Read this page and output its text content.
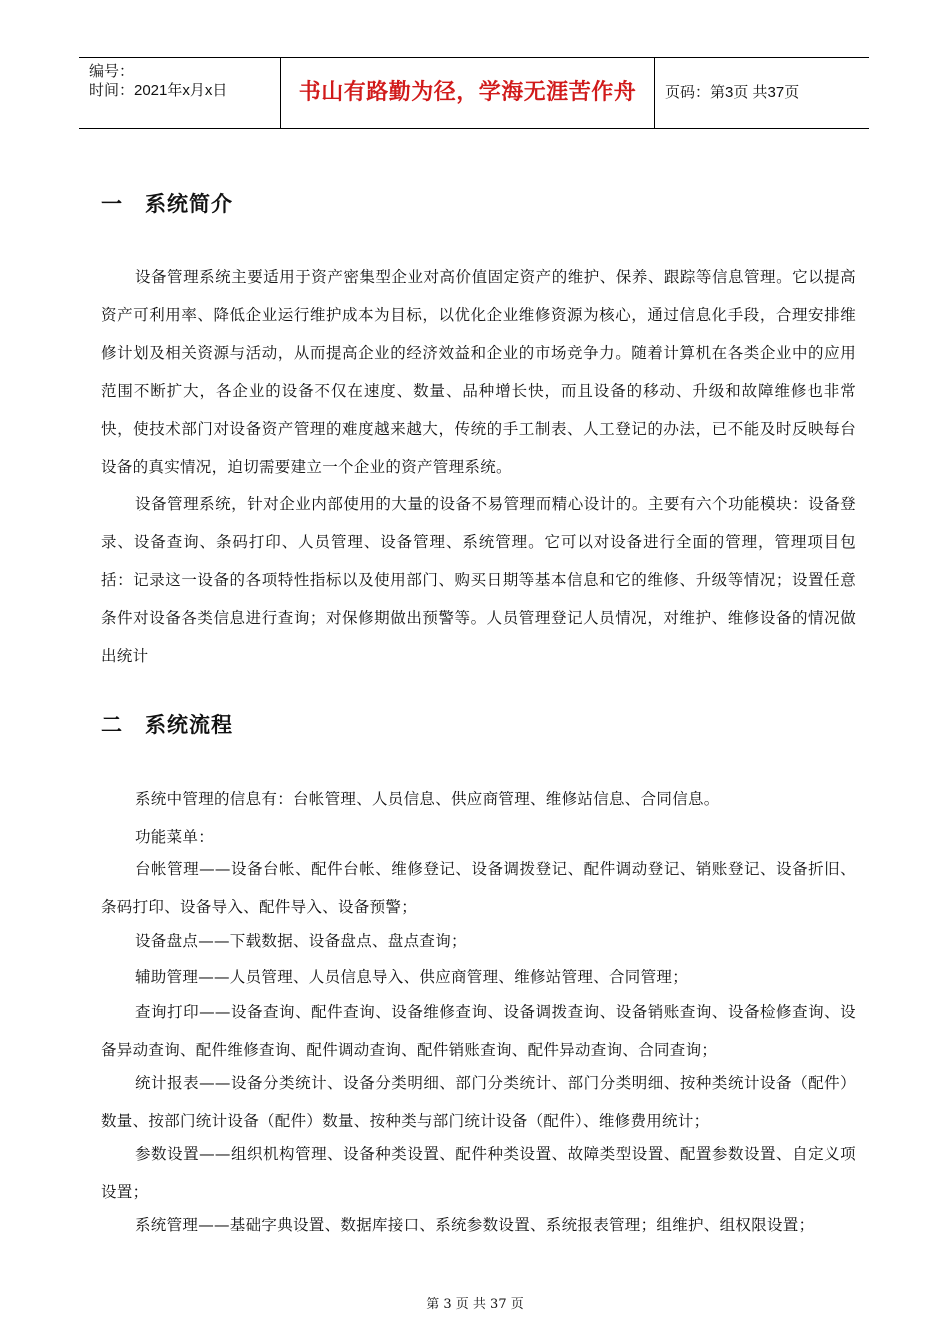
编号：
时间：2021年x月x日	书山有路勤为径，学海无涯苦作舟	页码：第3页 共37页
一 系统简介

设备管理系统主要适用于资产密集型企业对高价值固定资产的维护、保养、跟踪等信息管理。它以提高资产可利用率、降低企业运行维护成本为目标，以优化企业维修资源为核心，通过信息化手段，合理安排维修计划及相关资源与活动，从而提高企业的经济效益和企业的市场竞争力。随着计算机在各类企业中的应用范围不断扩大，各企业的设备不仅在速度、数量、品种增长快，而且设备的移动、升级和故障维修也非常快，使技术部门对设备资产管理的难度越来越大，传统的手工制表、人工登记的办法，已不能及时反映每台设备的真实情况，迫切需要建立一个企业的资产管理系统。

设备管理系统，针对企业内部使用的大量的设备不易管理而精心设计的。主要有六个功能模块：设备登录、设备查询、条码打印、人员管理、设备管理、系统管理。它可以对设备进行全面的管理，管理项目包括：记录这一设备的各项特性指标以及使用部门、购买日期等基本信息和它的维修、升级等情况；设置任意条件对设备各类信息进行查询；对保修期做出预警等。人员管理登记人员情况，对维护、维修设备的情况做出统计

二 系统流程

系统中管理的信息有：台帐管理、人员信息、供应商管理、维修站信息、合同信息。

功能菜单：

台帐管理——设备台帐、配件台帐、维修登记、设备调拨登记、配件调动登记、销账登记、设备折旧、条码打印、设备导入、配件导入、设备预警；

设备盘点——下载数据、设备盘点、盘点查询；

辅助管理——人员管理、人员信息导入、供应商管理、维修站管理、合同管理；

查询打印——设备查询、配件查询、设备维修查询、设备调拨查询、设备销账查询、设备检修查询、设备异动查询、配件维修查询、配件调动查询、配件销账查询、配件异动查询、合同查询；

统计报表——设备分类统计、设备分类明细、部门分类统计、部门分类明细、按种类统计设备（配件）数量、按部门统计设备（配件）数量、按种类与部门统计设备（配件）、维修费用统计；

参数设置——组织机构管理、设备种类设置、配件种类设置、故障类型设置、配置参数设置、自定义项设置；

系统管理——基础字典设置、数据库接口、系统参数设置、系统报表管理；组维护、组权限设置；

第 3 页 共 37 页
